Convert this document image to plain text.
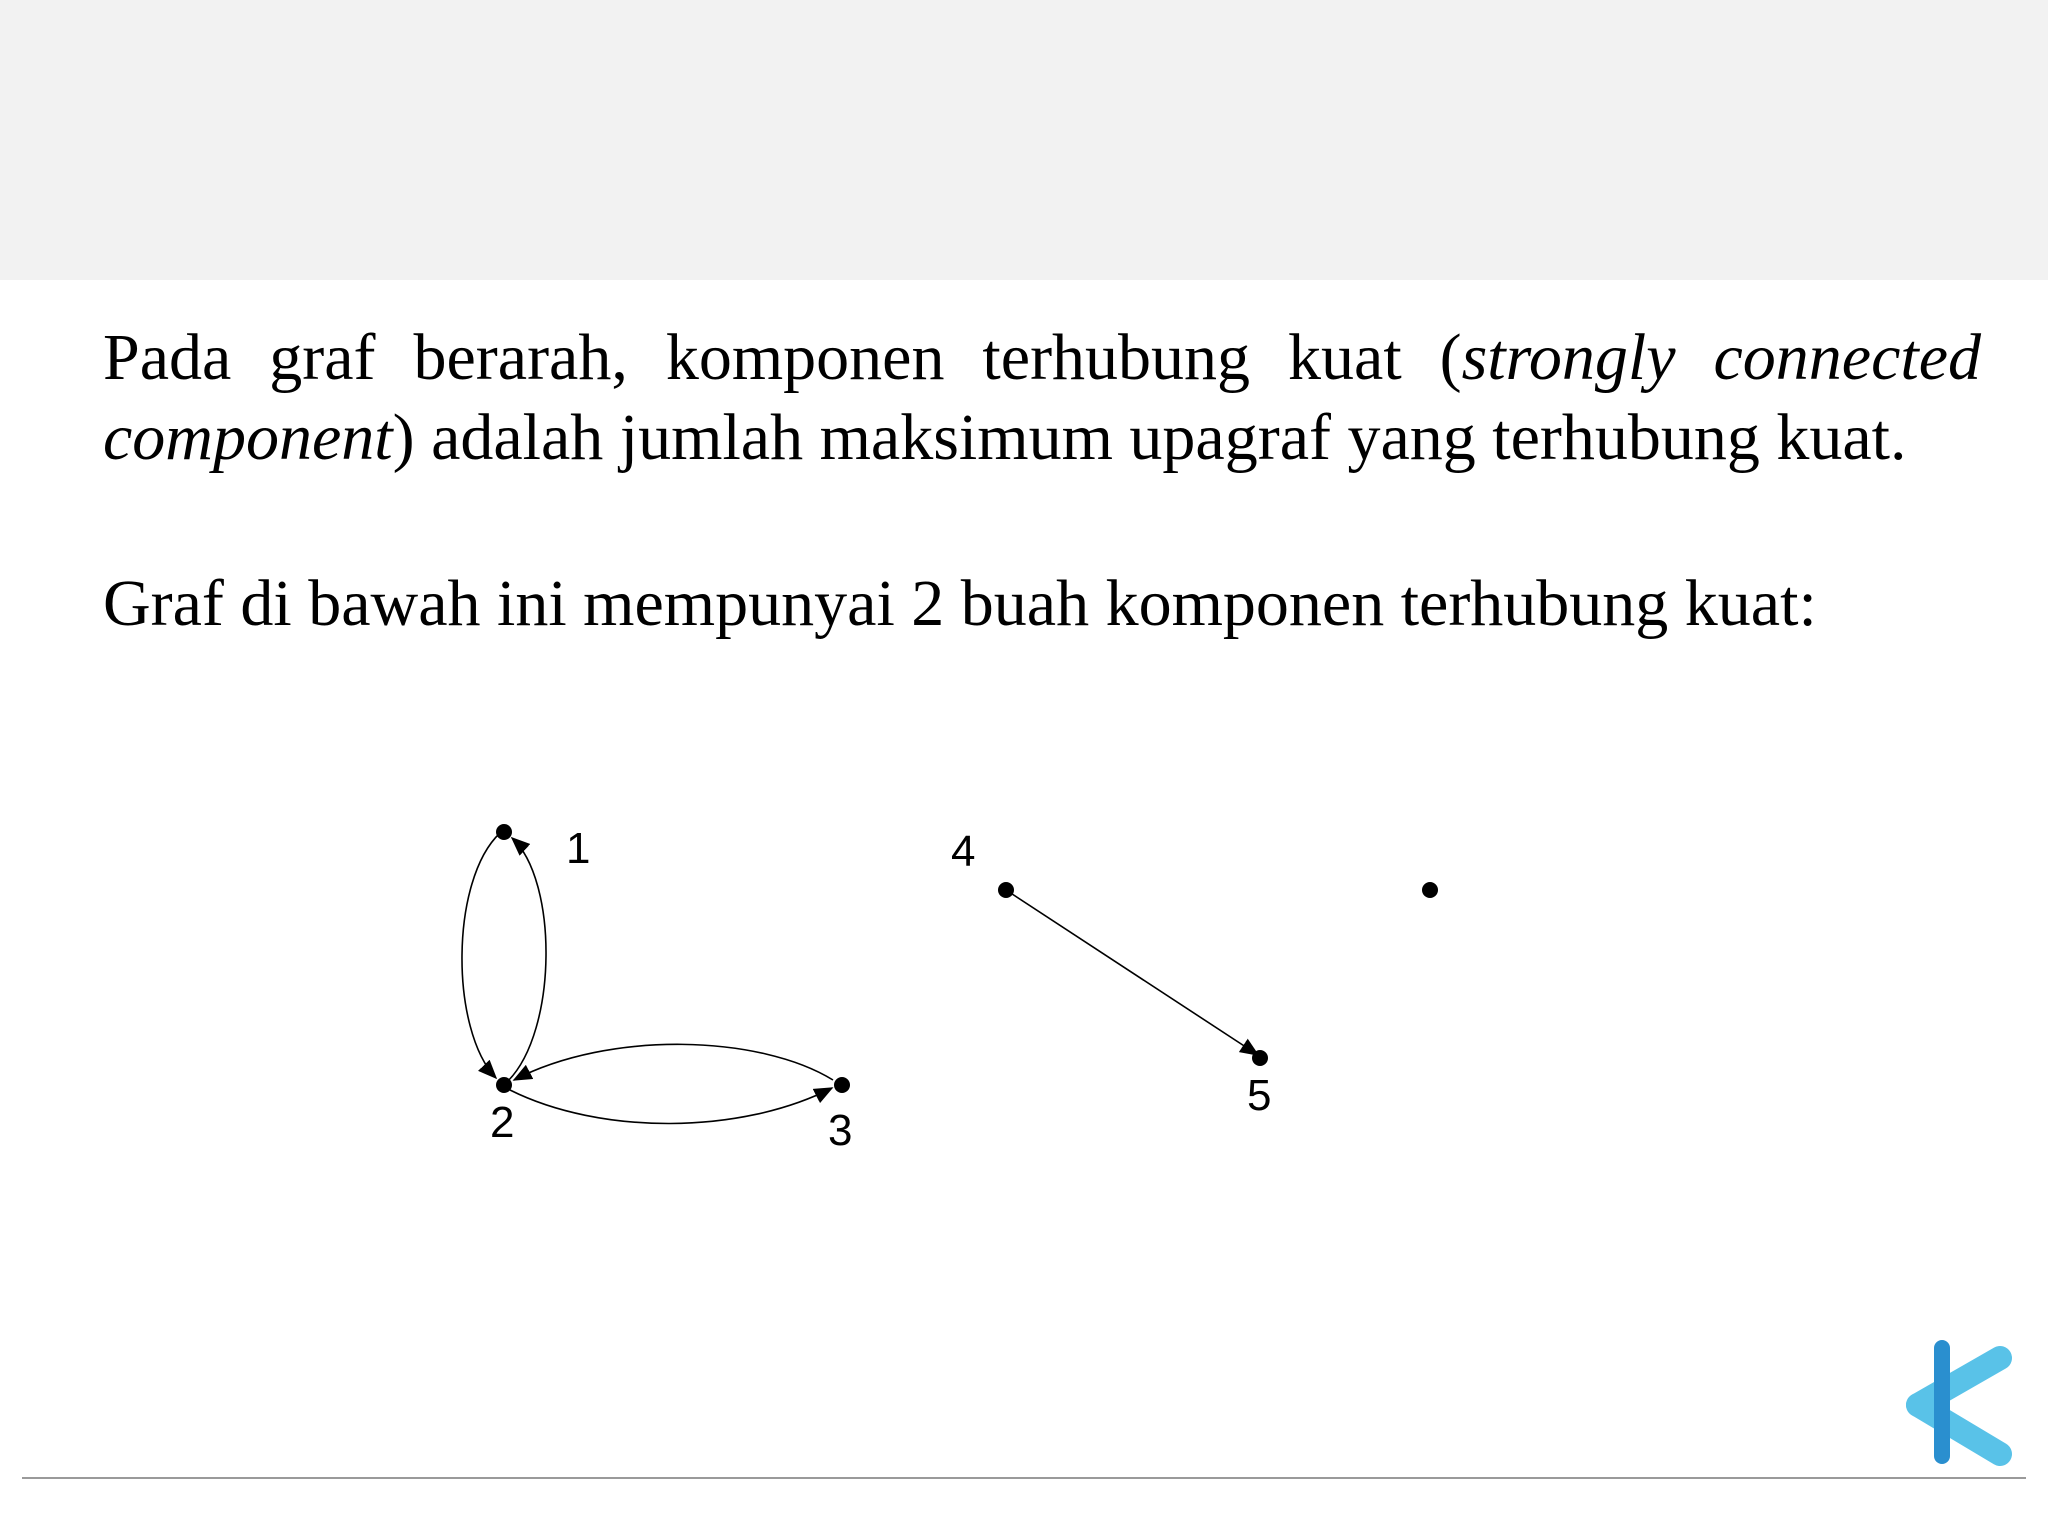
Pada graf berarah, komponen terhubung kuat (strongly connected component) adalah jumlah maksimum upagraf yang terhubung kuat.

Graf di bawah ini mempunyai 2 buah komponen terhubung kuat:

1
2	3
4
5
